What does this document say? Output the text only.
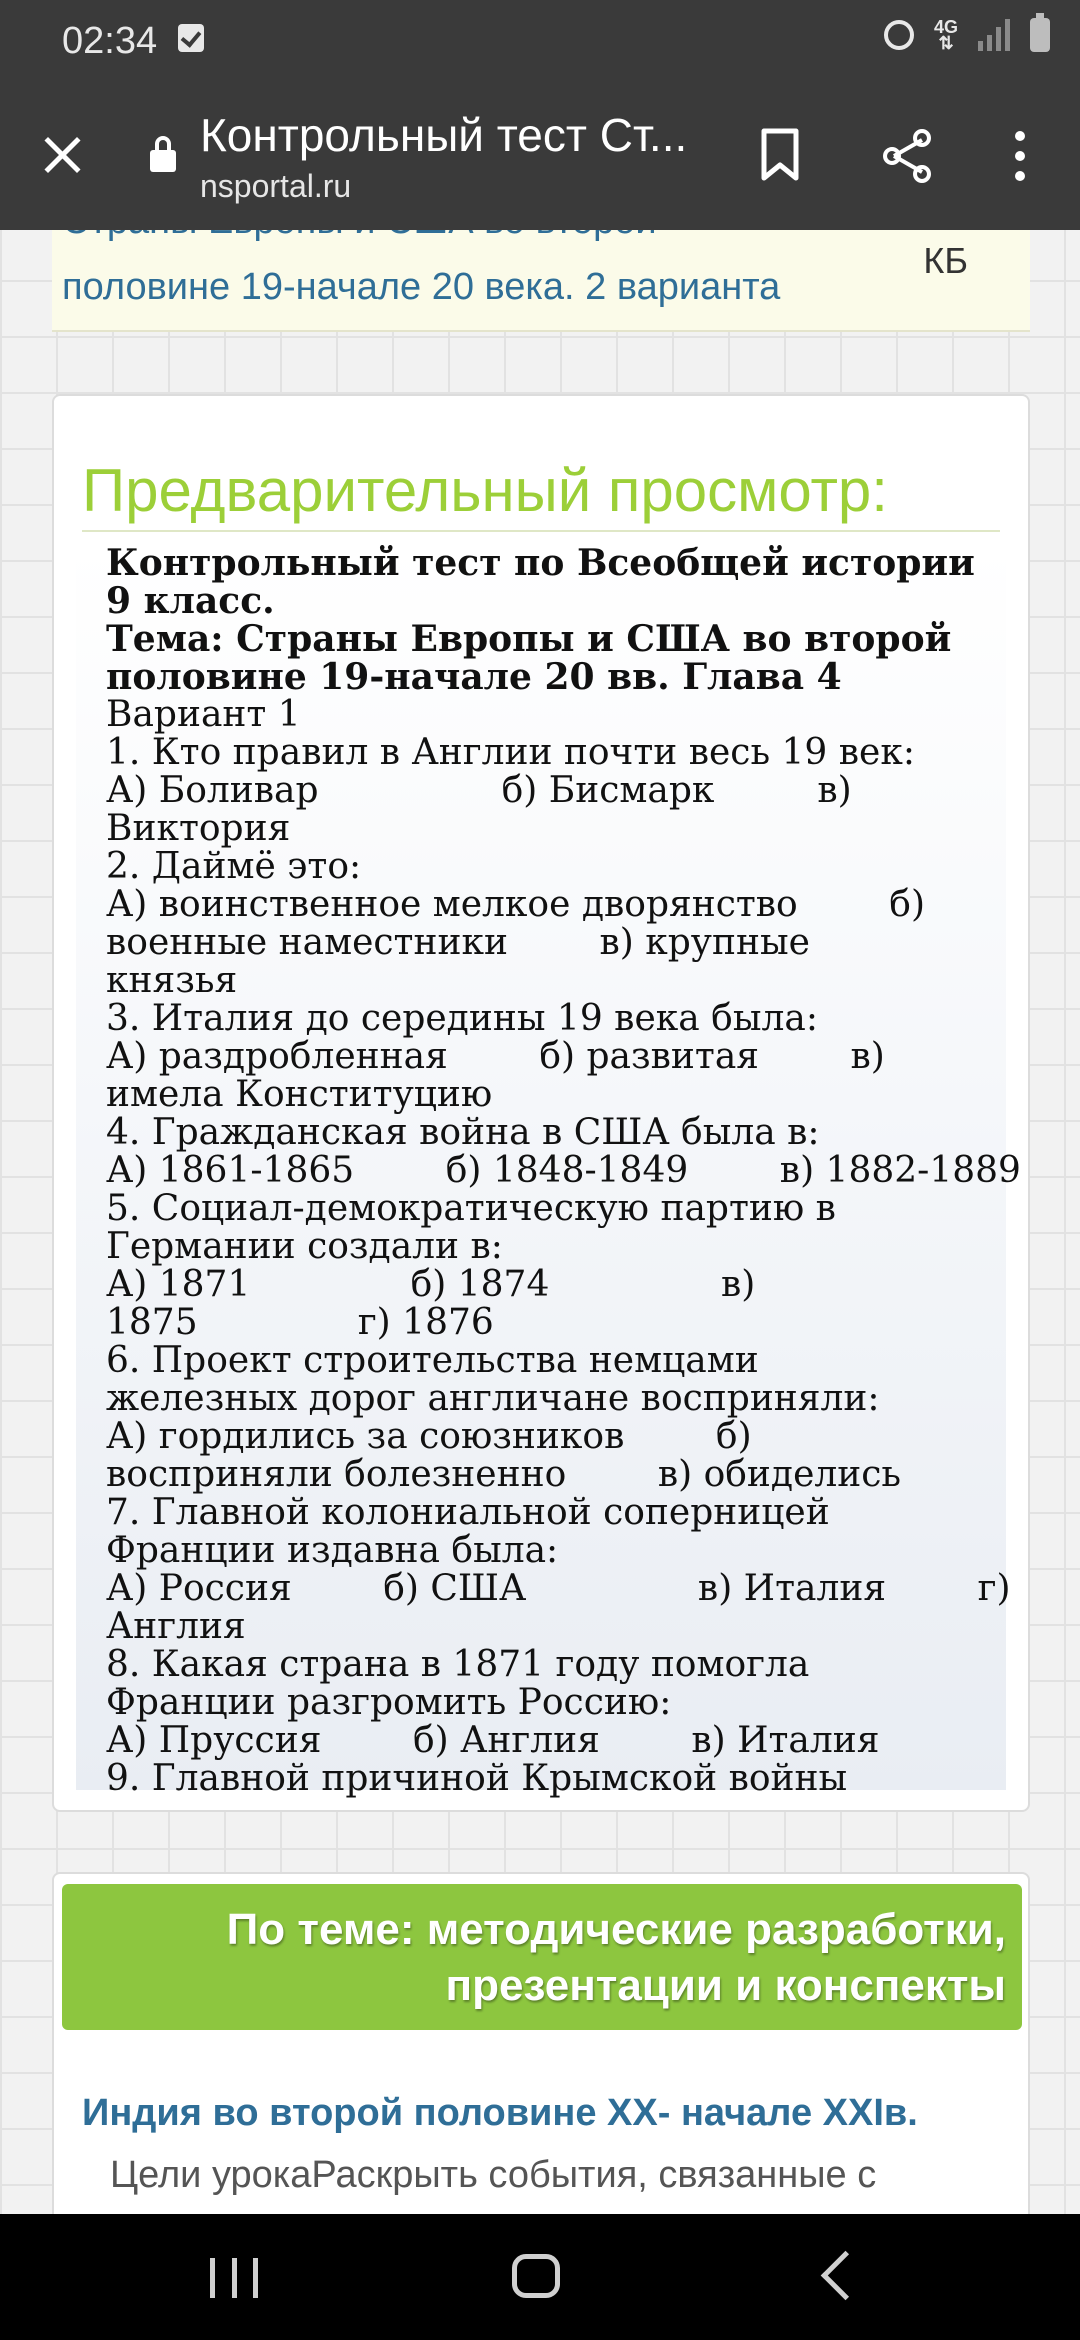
02:34	4G
⇅
Контрольный тест Ст...
nsportal.ru
половине 19-начале 20 века. 2 варианта
КБ
Предварительный просмотр:
Контрольный тест по Всеобщей истории
9 класс.
Тема: Страны Европы и США во второй
половине 19-начале 20 вв. Глава 4
Вариант 1
1. Кто правил в Англии почти весь 19 век:
А) Боливар                б) Бисмарк         в)
Виктория
2. Даймё это:
А) воинственное мелкое дворянство        б)
военные наместники        в) крупные
князья
3. Италия до середины 19 века была:
А) раздробленная        б) развитая        в)
имела Конституцию
4. Гражданская война в США была в:
А) 1861-1865        б) 1848-1849        в) 1882-1889
5. Социал-демократическую партию в
Германии создали в:
А) 1871              б) 1874               в)
1875              г) 1876
6. Проект строительства немцами
железных дорог англичане восприняли:
А) гордились за союзников        б)
восприняли болезненно        в) обиделись
7. Главной колониальной соперницей
Франции издавна была:
А) Россия        б) США               в) Италия        г)
Англия
8. Какая страна в 1871 году помогла
Франции разгромить Россию:
А) Пруссия        б) Англия        в) Италия
9. Главной причиной Крымской войны
По теме: методические разработки,
презентации и конспекты
Индия во второй половине XX- начале XXIв.
Цели урокаРаскрыть события, связанные с
